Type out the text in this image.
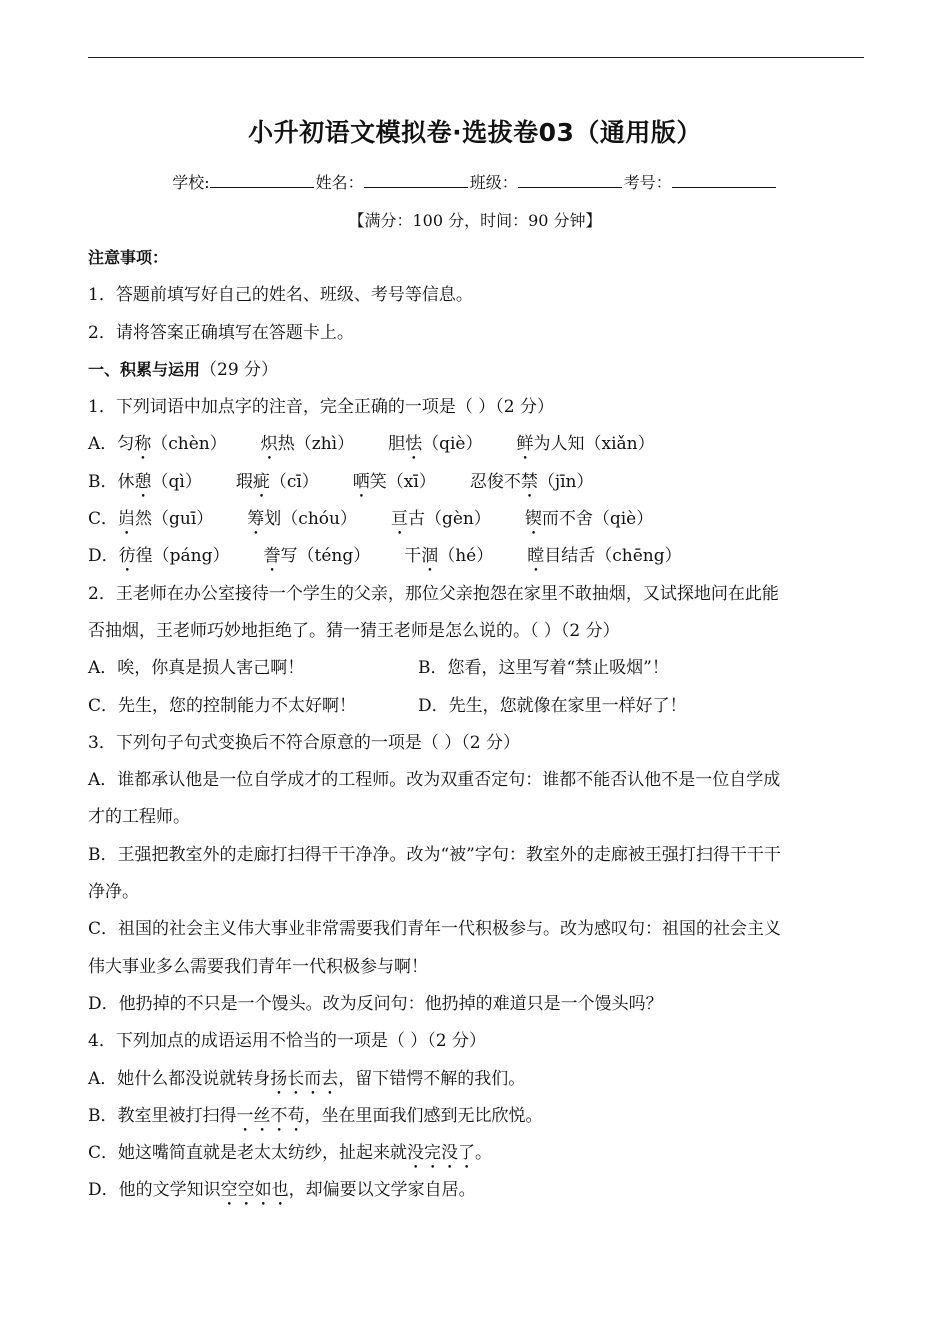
小升初语文模拟卷·选拔卷03（通用版）
学校:	姓名：	班级：	考号：
【满分：100 分，时间：90 分钟】
注意事项：
1．答题前填写好自己的姓名、班级、考号等信息。
2．请将答案正确填写在答题卡上。
一、积累与运用（29 分）
1．下列词语中加点字的注音，完全正确的一项是（ ）（2 分）
A．匀称（chèn） 炽热（zhì） 胆怯（qiè） 鲜为人知（xiǎn）
B．休憩（qì） 瑕疵（cī） 哂笑（xī） 忍俊不禁（jīn）
C．岿然（guī） 筹划（chóu） 亘古（gèn） 锲而不舍（qiè）
D．彷徨（páng） 誊写（téng） 干涸（hé） 瞠目结舌（chēng）
2．王老师在办公室接待一个学生的父亲，那位父亲抱怨在家里不敢抽烟，又试探地问在此能
否抽烟，王老师巧妙地拒绝了。猜一猜王老师是怎么说的。（ ）（2 分）
A．唉，你真是损人害己啊！	B．您看，这里写着“禁止吸烟”！
C．先生，您的控制能力不太好啊！	D．先生，您就像在家里一样好了！
3．下列句子句式变换后不符合原意的一项是（ ）（2 分）
A．谁都承认他是一位自学成才的工程师。改为双重否定句：谁都不能否认他不是一位自学成
才的工程师。
B．王强把教室外的走廊打扫得干干净净。改为“被”字句：教室外的走廊被王强打扫得干干干
净净。
C．祖国的社会主义伟大事业非常需要我们青年一代积极参与。改为感叹句：祖国的社会主义
伟大事业多么需要我们青年一代积极参与啊！
D．他扔掉的不只是一个馒头。改为反问句：他扔掉的难道只是一个馒头吗？
4．下列加点的成语运用不恰当的一项是（ ）（2 分）
A．她什么都没说就转身扬长而去，留下错愕不解的我们。
B．教室里被打扫得一丝不苟，坐在里面我们感到无比欣悦。
C．她这嘴简直就是老太太纺纱，扯起来就没完没了。
D．他的文学知识空空如也，却偏要以文学家自居。
